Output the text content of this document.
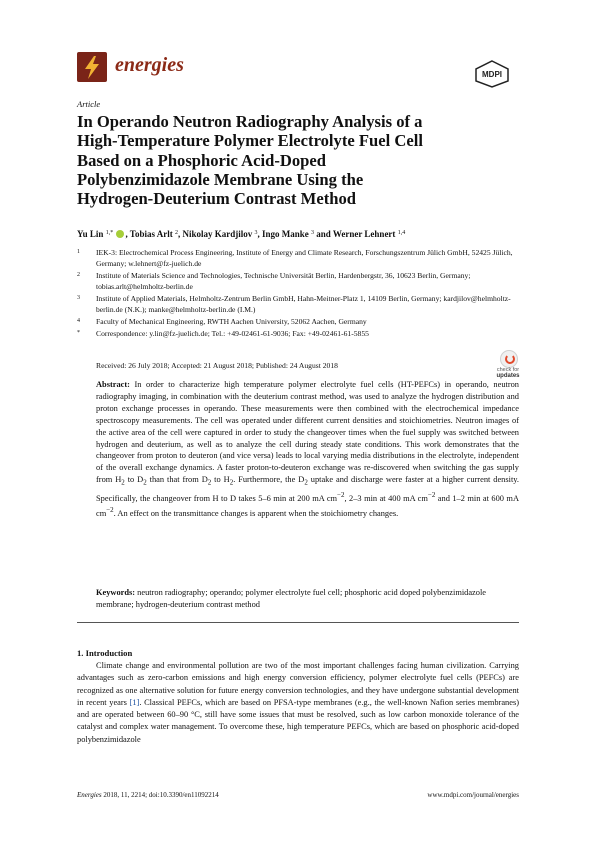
energies	MDPI
Article
In Operando Neutron Radiography Analysis of a
High-Temperature Polymer Electrolyte Fuel Cell
Based on a Phosphoric Acid-Doped
Polybenzimidazole Membrane Using the
Hydrogen-Deuterium Contrast Method
Yu Lin $^{1,*}$ , Tobias Arlt $^2$, Nikolay Kardjilov $^3$, Ingo Manke $^3$ and Werner Lehnert $^{1,4}$
1	IEK-3: Electrochemical Process Engineering, Institute of Energy and Climate Research, Forschungszentrum Jülich GmbH, 52425 Jülich, Germany; w.lehnert@fz-juelich.de
2	Institute of Materials Science and Technologies, Technische Universität Berlin, Hardenbergstr, 36, 10623 Berlin, Germany; tobias.arlt@helmholtz-berlin.de
3	Institute of Applied Materials, Helmholtz-Zentrum Berlin GmbH, Hahn-Meitner-Platz 1, 14109 Berlin, Germany; kardjilov@helmholtz-berlin.de (N.K.); manke@helmholtz-berlin.de (I.M.)
4	Faculty of Mechanical Engineering, RWTH Aachen University, 52062 Aachen, Germany
*	Correspondence: y.lin@fz-juelich.de; Tel.: +49-02461-61-9036; Fax: +49-02461-61-5855
Received: 26 July 2018; Accepted: 21 August 2018; Published: 24 August 2018	check for
updates
Abstract: In order to characterize high temperature polymer electrolyte fuel cells (HT-PEFCs) in operando, neutron radiography imaging, in combination with the deuterium contrast method, was used to analyze the hydrogen distribution and proton exchange processes in operando. These measurements were then combined with the electrochemical impedance spectroscopy measurements. The cell was operated under different current densities and stoichiometries. Neutron images of the active area of the cell were captured in order to study the changeover times when the fuel supply was switched between hydrogen and deuterium, as well as to analyze the cell during steady state conditions. This work demonstrates that the changeover from proton to deuteron (and vice versa) leads to local varying media distributions in the electrolyte, independent of the overall exchange dynamics. A faster proton-to-deuteron exchange was re-discovered when switching the gas supply from $H_2$ to $D_2$ than that from $D_2$ to $H_2$. Furthermore, the $D_2$ uptake and discharge were faster at a higher current density. Specifically, the changeover from H to D takes 5–6 min at 200 mA $cm^{-2}$, 2–3 min at 400 mA $cm^{-2}$ and 1–2 min at 600 mA $cm^{-2}$. An effect on the transmittance changes is apparent when the stoichiometry changes.
Keywords: neutron radiography; operando; polymer electrolyte fuel cell; phosphoric acid doped polybenzimidazole membrane; hydrogen-deuterium contrast method
1. Introduction

Climate change and environmental pollution are two of the most important challenges facing human civilization. Carrying advantages such as zero-carbon emissions and high energy conversion efficiency, polymer electrolyte fuel cells (PEFCs) are recognized as one alternative solution for future energy conversion technologies, and they have undergone substantial development in recent years [1]. Classical PEFCs, which are based on PFSA-type membranes (e.g., the well-known Nafion series membranes) and are operated between 60–90 °C, still have some issues that must be resolved, such as low carbon monoxide tolerance of the catalyst and complex water management. To overcome these, high temperature PEFCs, which are based on phosphoric acid-doped polybenzimidazole

Energies 2018, 11, 2214; doi:10.3390/en11092214	www.mdpi.com/journal/energies
